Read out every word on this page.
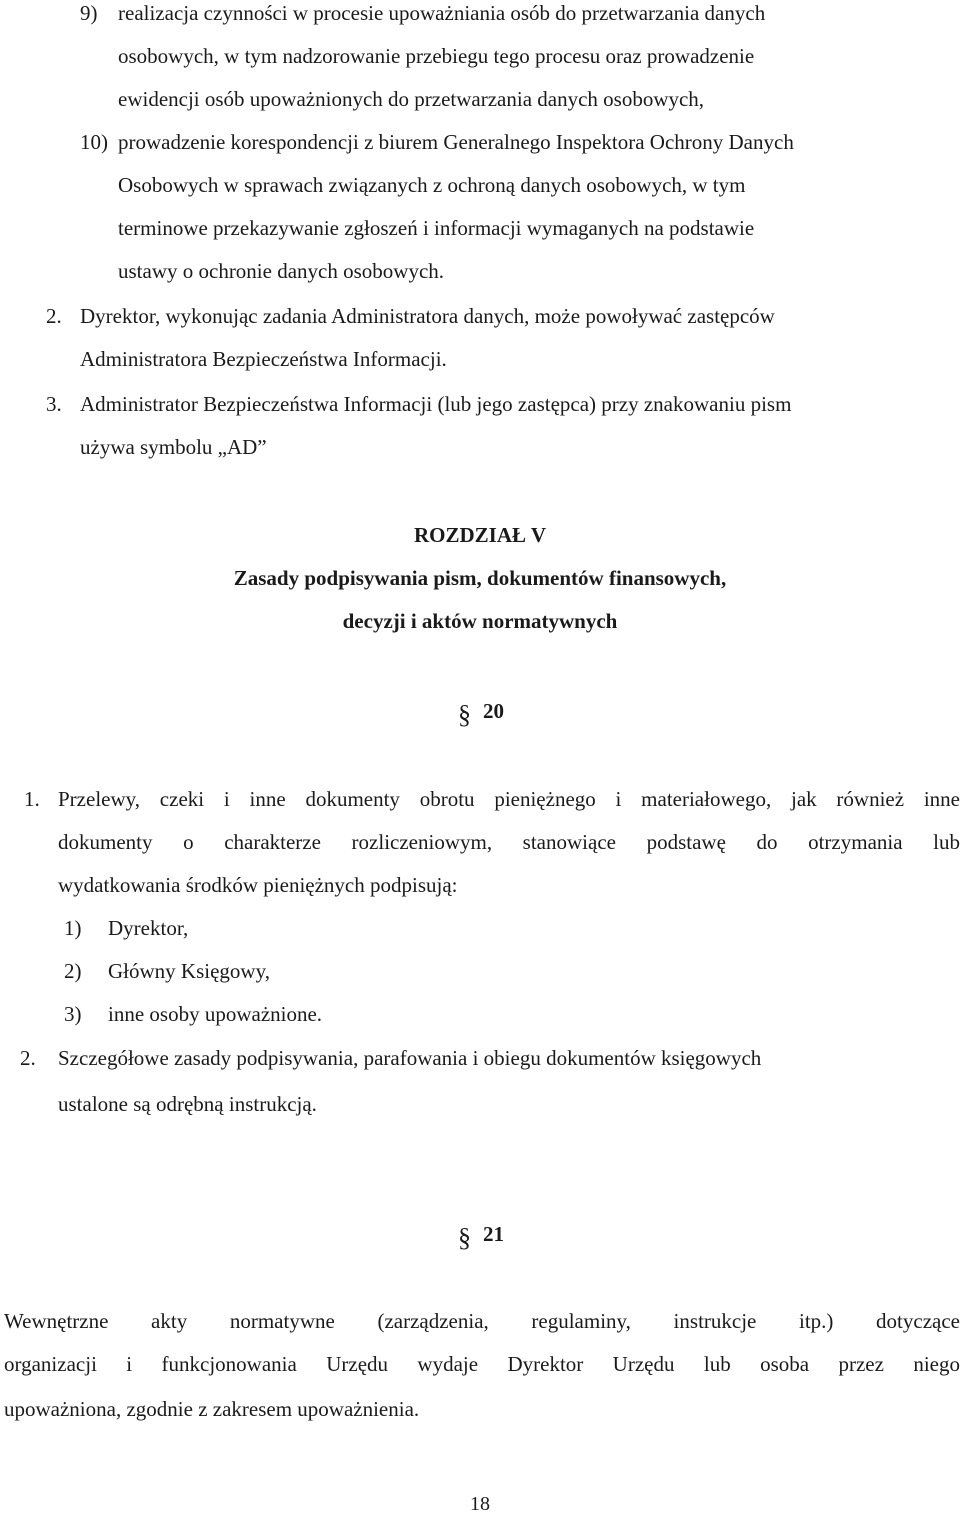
9) realizacja czynności w procesie upoważniania osób do przetwarzania danych
osobowych, w tym nadzorowanie przebiegu tego procesu oraz prowadzenie
ewidencji osób upoważnionych do przetwarzania danych osobowych,
10) prowadzenie korespondencji z biurem Generalnego Inspektora Ochrony Danych
Osobowych w sprawach związanych z ochroną danych osobowych, w tym
terminowe przekazywanie zgłoszeń i informacji wymaganych na podstawie
ustawy o ochronie danych osobowych.
2. Dyrektor, wykonując zadania Administratora danych, może powoływać zastępców
Administratora Bezpieczeństwa Informacji.
3. Administrator Bezpieczeństwa Informacji (lub jego zastępca) przy znakowaniu pism
używa symbolu „AD”
ROZDZIAŁ V
Zasady podpisywania pism, dokumentów finansowych,
decyzji i aktów normatywnych
§ 20
1. Przelewy, czeki i inne dokumenty obrotu pieniężnego i materiałowego, jak również inne
dokumenty o charakterze rozliczeniowym, stanowiące podstawę do otrzymania lub
wydatkowania środków pieniężnych podpisują:
1) Dyrektor,
2) Główny Księgowy,
3) inne osoby upoważnione.
2. Szczegółowe zasady podpisywania, parafowania i obiegu dokumentów księgowych
ustalone są odrębną instrukcją.
§ 21
Wewnętrzne akty normatywne (zarządzenia, regulaminy, instrukcje itp.) dotyczące
organizacji i funkcjonowania Urzędu wydaje Dyrektor Urzędu lub osoba przez niego
upoważniona, zgodnie z zakresem upoważnienia.
18
